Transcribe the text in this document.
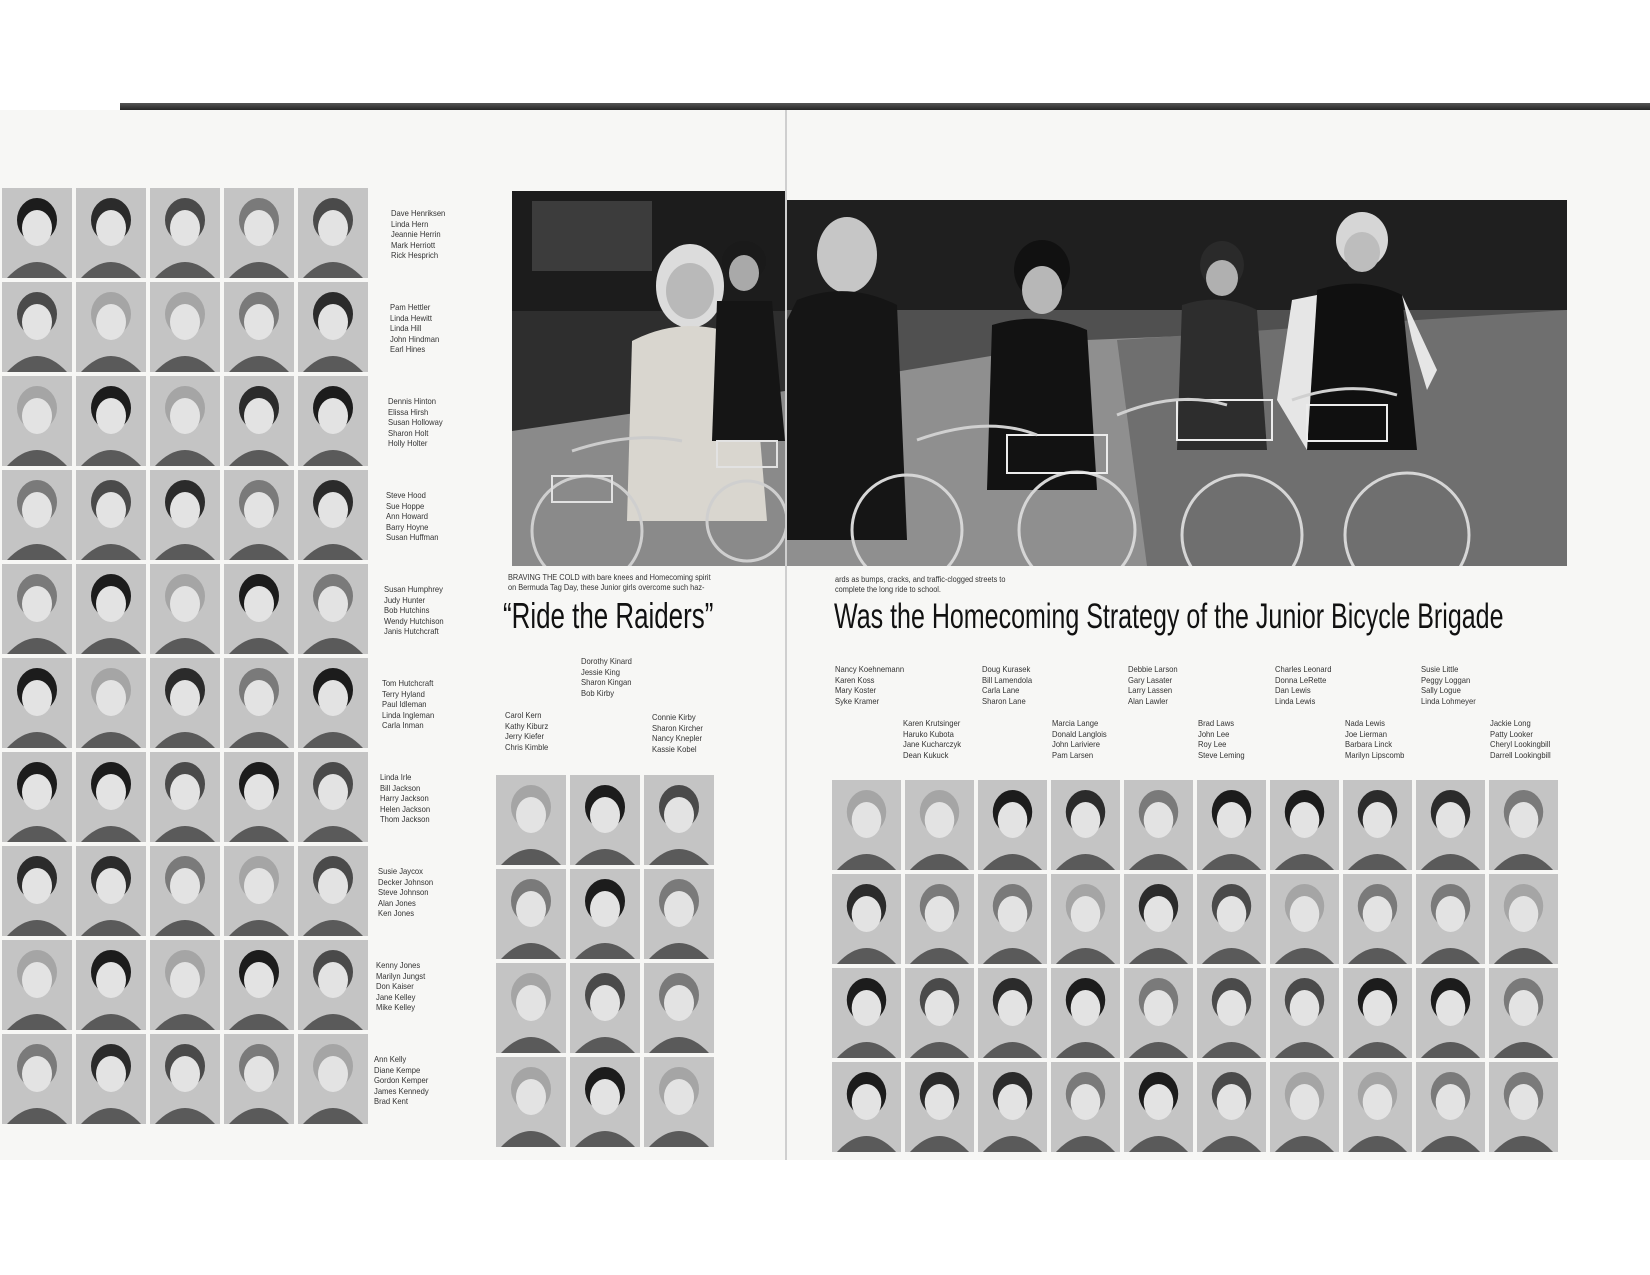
Dave Henriksen
Linda Hern
Jeannie Herrin
Mark Herriott
Rick Hesprich
Pam Hettler
Linda Hewitt
Linda Hill
John Hindman
Earl Hines
Dennis Hinton
Elissa Hirsh
Susan Holloway
Sharon Holt
Holly Holter
Steve Hood
Sue Hoppe
Ann Howard
Barry Hoyne
Susan Huffman
Susan Humphrey
Judy Hunter
Bob Hutchins
Wendy Hutchison
Janis Hutchcraft
Tom Hutchcraft
Terry Hyland
Paul Idleman
Linda Ingleman
Carla Inman
Linda Irle
Bill Jackson
Harry Jackson
Helen Jackson
Thom Jackson
Susie Jaycox
Decker Johnson
Steve Johnson
Alan Jones
Ken Jones
Kenny Jones
Marilyn Jungst
Don Kaiser
Jane Kelley
Mike Kelley
Ann Kelly
Diane Kempe
Gordon Kemper
James Kennedy
Brad Kent
BRAVING THE COLD with bare knees and Homecoming spirit
on Bermuda Tag Day, these Junior girls overcome such haz-
“Ride the Raiders”
Dorothy Kinard
Jessie King
Sharon Kingan
Bob Kirby
Carol Kern
Kathy Kiburz
Jerry Kiefer
Chris Kimble
Connie Kirby
Sharon Kircher
Nancy Knepler
Kassie Kobel
ards as bumps, cracks, and traffic-clogged streets to
complete the long ride to school.
Was the Homecoming Strategy of the Junior Bicycle Brigade
Nancy Koehnemann
Karen Koss
Mary Koster
Syke Kramer
Doug Kurasek
Bill Lamendola
Carla Lane
Sharon Lane
Debbie Larson
Gary Lasater
Larry Lassen
Alan Lawler
Charles Leonard
Donna LeRette
Dan Lewis
Linda Lewis
Susie Little
Peggy Loggan
Sally Logue
Linda Lohmeyer
Karen Krutsinger
Haruko Kubota
Jane Kucharczyk
Dean Kukuck
Marcia Lange
Donald Langlois
John Lariviere
Pam Larsen
Brad Laws
John Lee
Roy Lee
Steve Leming
Nada Lewis
Joe Lierman
Barbara Linck
Marilyn Lipscomb
Jackie Long
Patty Looker
Cheryl Lookingbill
Darrell Lookingbill
